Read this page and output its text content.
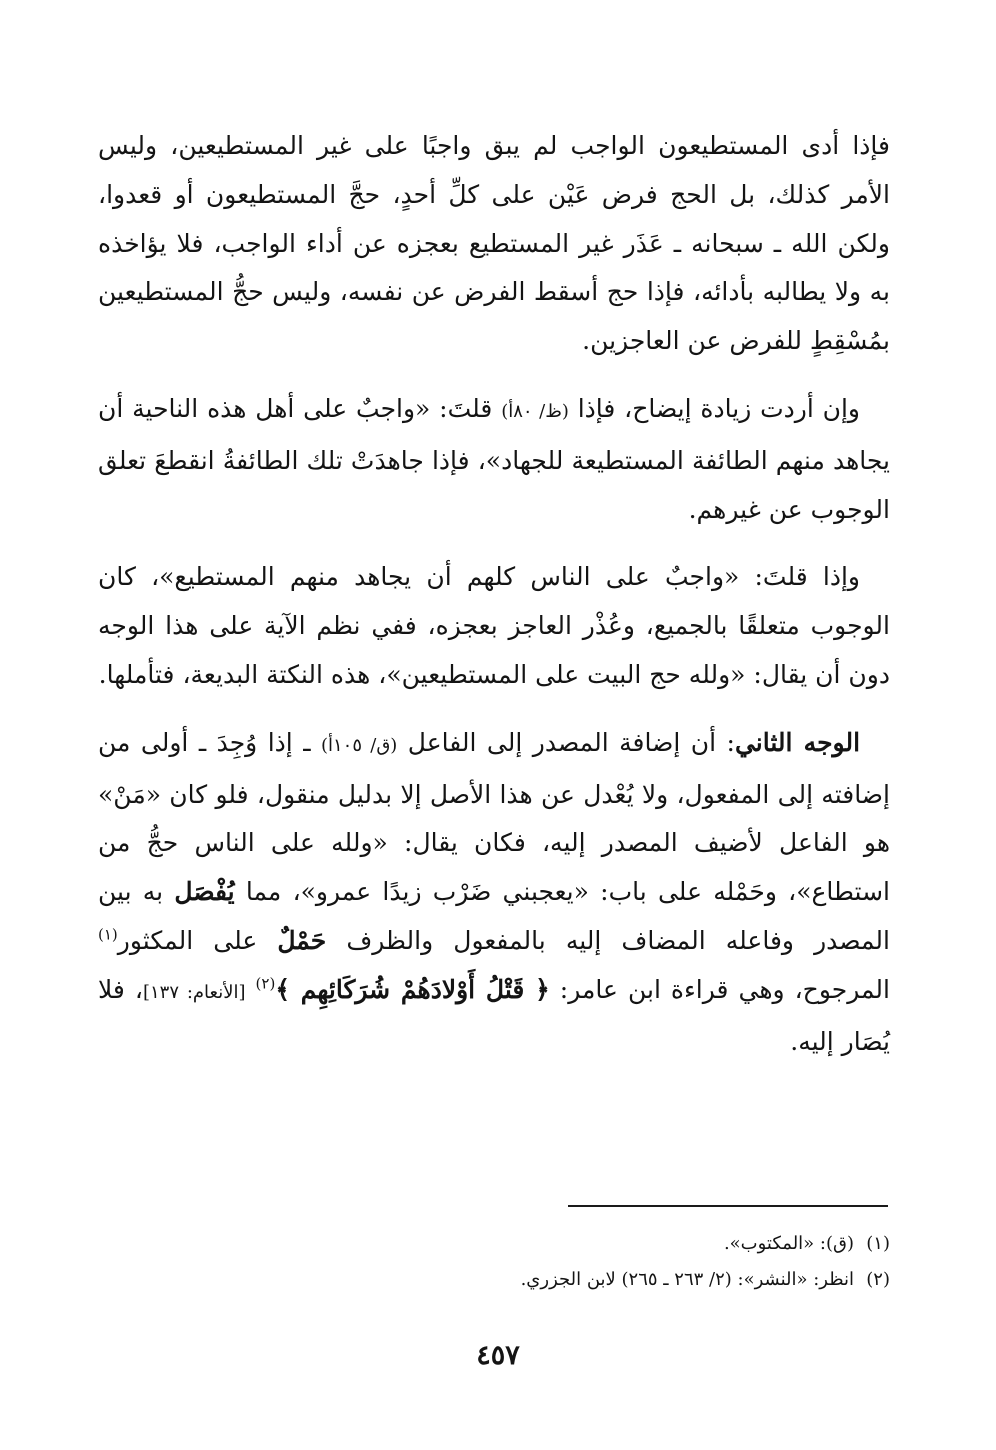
فإذا أدى المستطيعون الواجب لم يبق واجبًا على غير المستطيعين، وليس الأمر كذلك، بل الحج فرض عَيْن على كلِّ أحدٍ، حجَّ المستطيعون أو قعدوا، ولكن الله ـ سبحانه ـ عَذَر غير المستطيع بعجزه عن أداء الواجب، فلا يؤاخذه به ولا يطالبه بأدائه، فإذا حج أسقط الفرض عن نفسه، وليس حجُّ المستطيعين بمُسْقِطٍ للفرض عن العاجزين.

وإن أردت زيادة إيضاح، فإذا (ظ/ ٨٠أ) قلتَ: «واجبٌ على أهل هذه الناحية أن يجاهد منهم الطائفة المستطيعة للجهاد»، فإذا جاهدَتْ تلك الطائفةُ انقطعَ تعلق الوجوب عن غيرهم.

وإذا قلتَ: «واجبٌ على الناس كلهم أن يجاهد منهم المستطيع»، كان الوجوب متعلقًا بالجميع، وعُذْر العاجز بعجزه، ففي نظم الآية على هذا الوجه دون أن يقال: «ولله حج البيت على المستطيعين»، هذه النكتة البديعة، فتأملها.

الوجه الثاني: أن إضافة المصدر إلى الفاعل (ق/ ١٠٥أ) ـ إذا وُجِدَ ـ أولى من إضافته إلى المفعول، ولا يُعْدل عن هذا الأصل إلا بدليل منقول، فلو كان «مَنْ» هو الفاعل لأضيف المصدر إليه، فكان يقال: «ولله على الناس حجُّ من استطاع»، وحَمْله على باب: «يعجبني ضَرْب زيدًا عمرو»، مما يُفْصَل به بين المصدر وفاعله المضاف إليه بالمفعول والظرف حَمْلٌ على المكثور$^{(١)}$ المرجوح، وهي قراءة ابن عامر: ﴿ قَتْلُ أَوْلادَهُمْ شُرَكَائِهِم ﴾$^{(٢)}$ [الأنعام: ١٣٧]، فلا يُصَار إليه.

(١)(ق): «المكتوب».
(٢)انظر: «النشر»: (٢/ ٢٦٣ ـ ٢٦٥) لابن الجزري.
٤٥٧
